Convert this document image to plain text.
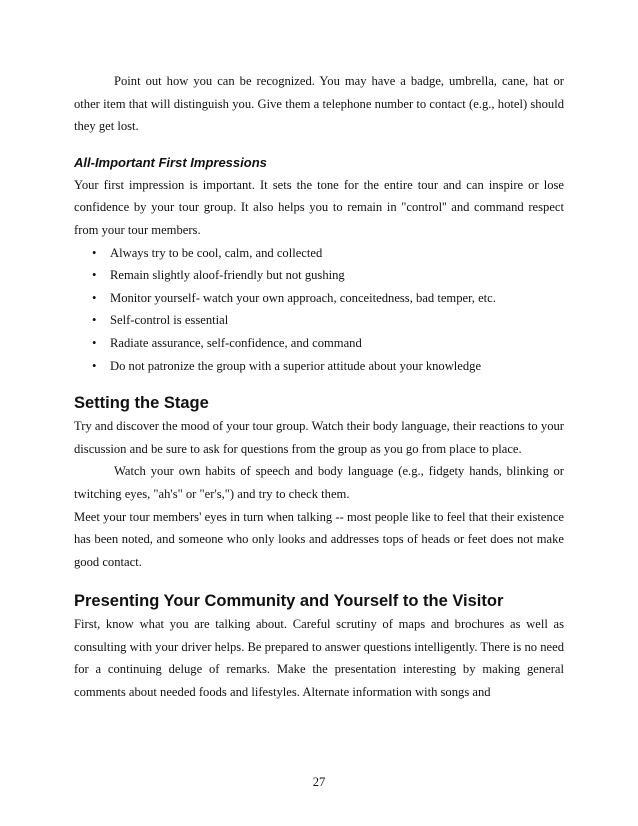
Point out how you can be recognized. You may have a badge, umbrella, cane, hat or other item that will distinguish you. Give them a telephone number to contact (e.g., hotel) should they get lost.

All-Important First Impressions

Your first impression is important. It sets the tone for the entire tour and can inspire or lose confidence by your tour group. It also helps you to remain in "control'' and command respect from your tour members.

• Always try to be cool, calm, and collected
• Remain slightly aloof-friendly but not gushing
• Monitor yourself- watch your own approach, conceitedness, bad temper, etc.
• Self-control is essential
• Radiate assurance, self-confidence, and command
• Do not patronize the group with a superior attitude about your knowledge
Setting the Stage

Try and discover the mood of your tour group. Watch their body language, their reactions to your discussion and be sure to ask for questions from the group as you go from place to place.

Watch your own habits of speech and body language (e.g., fidgety hands, blinking or twitching eyes, "ah's" or "er's,") and try to check them.

Meet your tour members' eyes in turn when talking -- most people like to feel that their existence has been noted, and someone who only looks and addresses tops of heads or feet does not make good contact.

Presenting Your Community and Yourself to the Visitor

First, know what you are talking about. Careful scrutiny of maps and brochures as well as consulting with your driver helps. Be prepared to answer questions intelligently. There is no need for a continuing deluge of remarks. Make the presentation interesting by making general comments about needed foods and lifestyles. Alternate information with songs and

27
